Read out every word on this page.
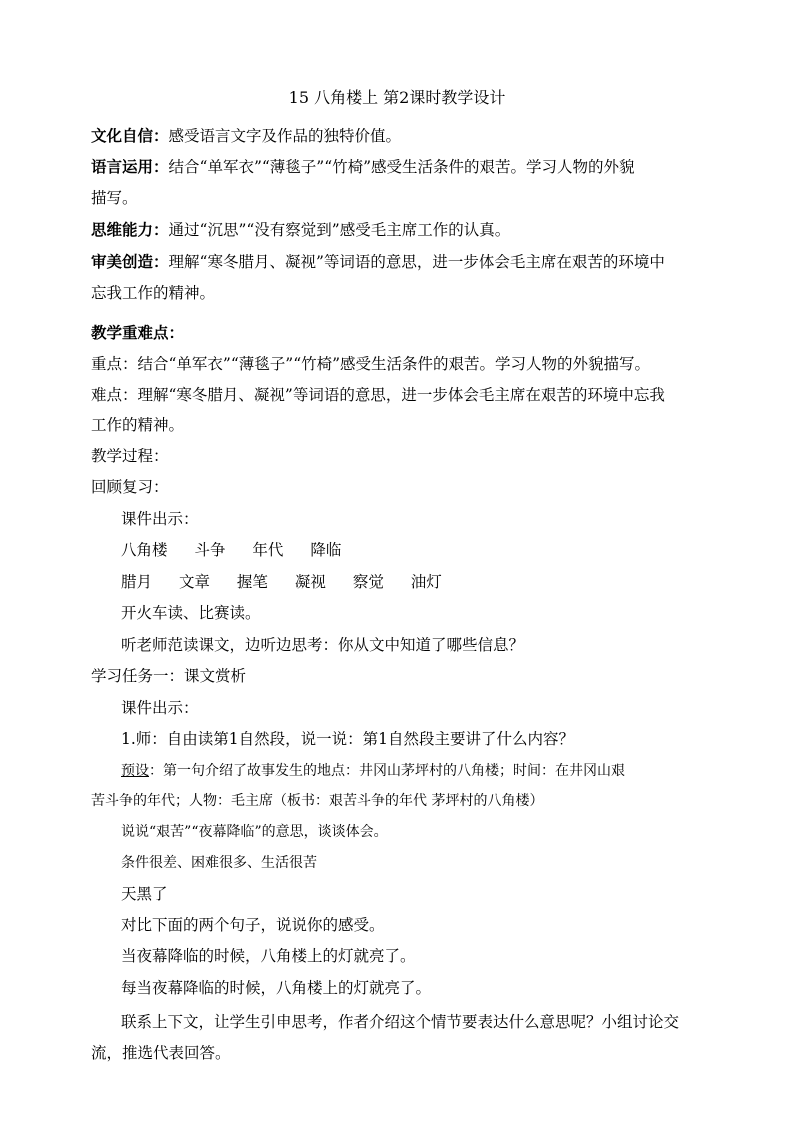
15 八角楼上 第2课时教学设计
文化自信：感受语言文字及作品的独特价值。
语言运用：结合“单军衣”“薄毯子”“竹椅”感受生活条件的艰苦。学习人物的外貌
描写。
思维能力：通过“沉思”“没有察觉到”感受毛主席工作的认真。
审美创造：理解“寒冬腊月、凝视”等词语的意思，进一步体会毛主席在艰苦的环境中
忘我工作的精神。
教学重难点：
重点：结合“单军衣”“薄毯子”“竹椅”感受生活条件的艰苦。学习人物的外貌描写。
难点：理解“寒冬腊月、凝视”等词语的意思，进一步体会毛主席在艰苦的环境中忘我
工作的精神。
教学过程：
回顾复习：
课件出示：
八角楼 斗争 年代 降临
腊月 文章 握笔 凝视 察觉 油灯
开火车读、比赛读。
听老师范读课文，边听边思考：你从文中知道了哪些信息？
学习任务一：课文赏析
课件出示：
1.师：自由读第1自然段，说一说：第1自然段主要讲了什么内容？
预设：第一句介绍了故事发生的地点：井冈山茅坪村的八角楼；时间：在井冈山艰
苦斗争的年代；人物：毛主席（板书：艰苦斗争的年代 茅坪村的八角楼）
说说“艰苦”“夜幕降临”的意思，谈谈体会。
条件很差、困难很多、生活很苦
天黑了
对比下面的两个句子，说说你的感受。
当夜幕降临的时候，八角楼上的灯就亮了。
每当夜幕降临的时候，八角楼上的灯就亮了。
联系上下文，让学生引申思考，作者介绍这个情节要表达什么意思呢？小组讨论交
流，推选代表回答。
